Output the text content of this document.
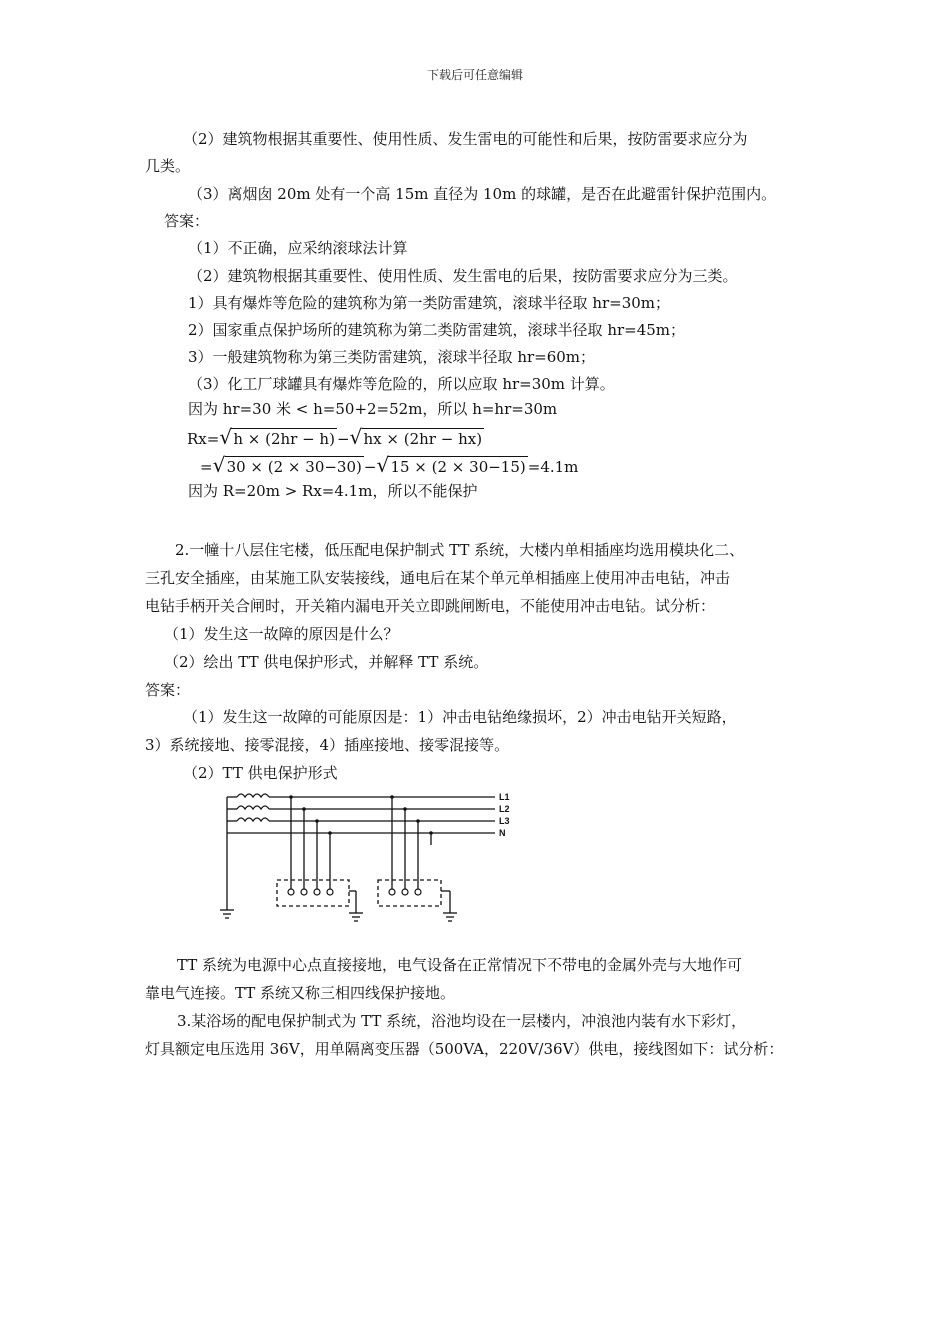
下载后可任意编辑
（2）建筑物根据其重要性、使用性质、发生雷电的可能性和后果，按防雷要求应分为
几类。
（3）离烟囱 20m 处有一个高 15m 直径为 10m 的球罐，是否在此避雷针保护范围内。
答案：
（1）不正确，应采纳滚球法计算
（2）建筑物根据其重要性、使用性质、发生雷电的后果，按防雷要求应分为三类。
1）具有爆炸等危险的建筑称为第一类防雷建筑，滚球半径取 hr=30m；
2）国家重点保护场所的建筑称为第二类防雷建筑，滚球半径取 hr=45m；
3）一般建筑物称为第三类防雷建筑，滚球半径取 hr=60m；
（3）化工厂球罐具有爆炸等危险的，所以应取 hr=30m 计算。
因为 hr=30 米 < h=50+2=52m，所以 h=hr=30m
Rx= √ h × (2hr − h) − √ hx × (2hr − hx)
= √ 30 × (2 × 30−30) − √ 15 × (2 × 30−15) =4.1m
因为 R=20m > Rx=4.1m，所以不能保护
2.一幢十八层住宅楼，低压配电保护制式 TT 系统，大楼内单相插座均选用模块化二、
三孔安全插座，由某施工队安装接线，通电后在某个单元单相插座上使用冲击电钻，冲击
电钻手柄开关合闸时，开关箱内漏电开关立即跳闸断电，不能使用冲击电钻。试分析：
（1）发生这一故障的原因是什么？
（2）绘出 TT 供电保护形式，并解释 TT 系统。
答案：
（1）发生这一故障的可能原因是：1）冲击电钻绝缘损坏，2）冲击电钻开关短路，
3）系统接地、接零混接，4）插座接地、接零混接等。
（2）TT 供电保护形式
L1
L2
L3
N
TT 系统为电源中心点直接接地，电气设备在正常情况下不带电的金属外壳与大地作可
靠电气连接。TT 系统又称三相四线保护接地。
3.某浴场的配电保护制式为 TT 系统，浴池均设在一层楼内，冲浪池内装有水下彩灯，
灯具额定电压选用 36V，用单隔离变压器（500VA，220V/36V）供电，接线图如下：试分析：
